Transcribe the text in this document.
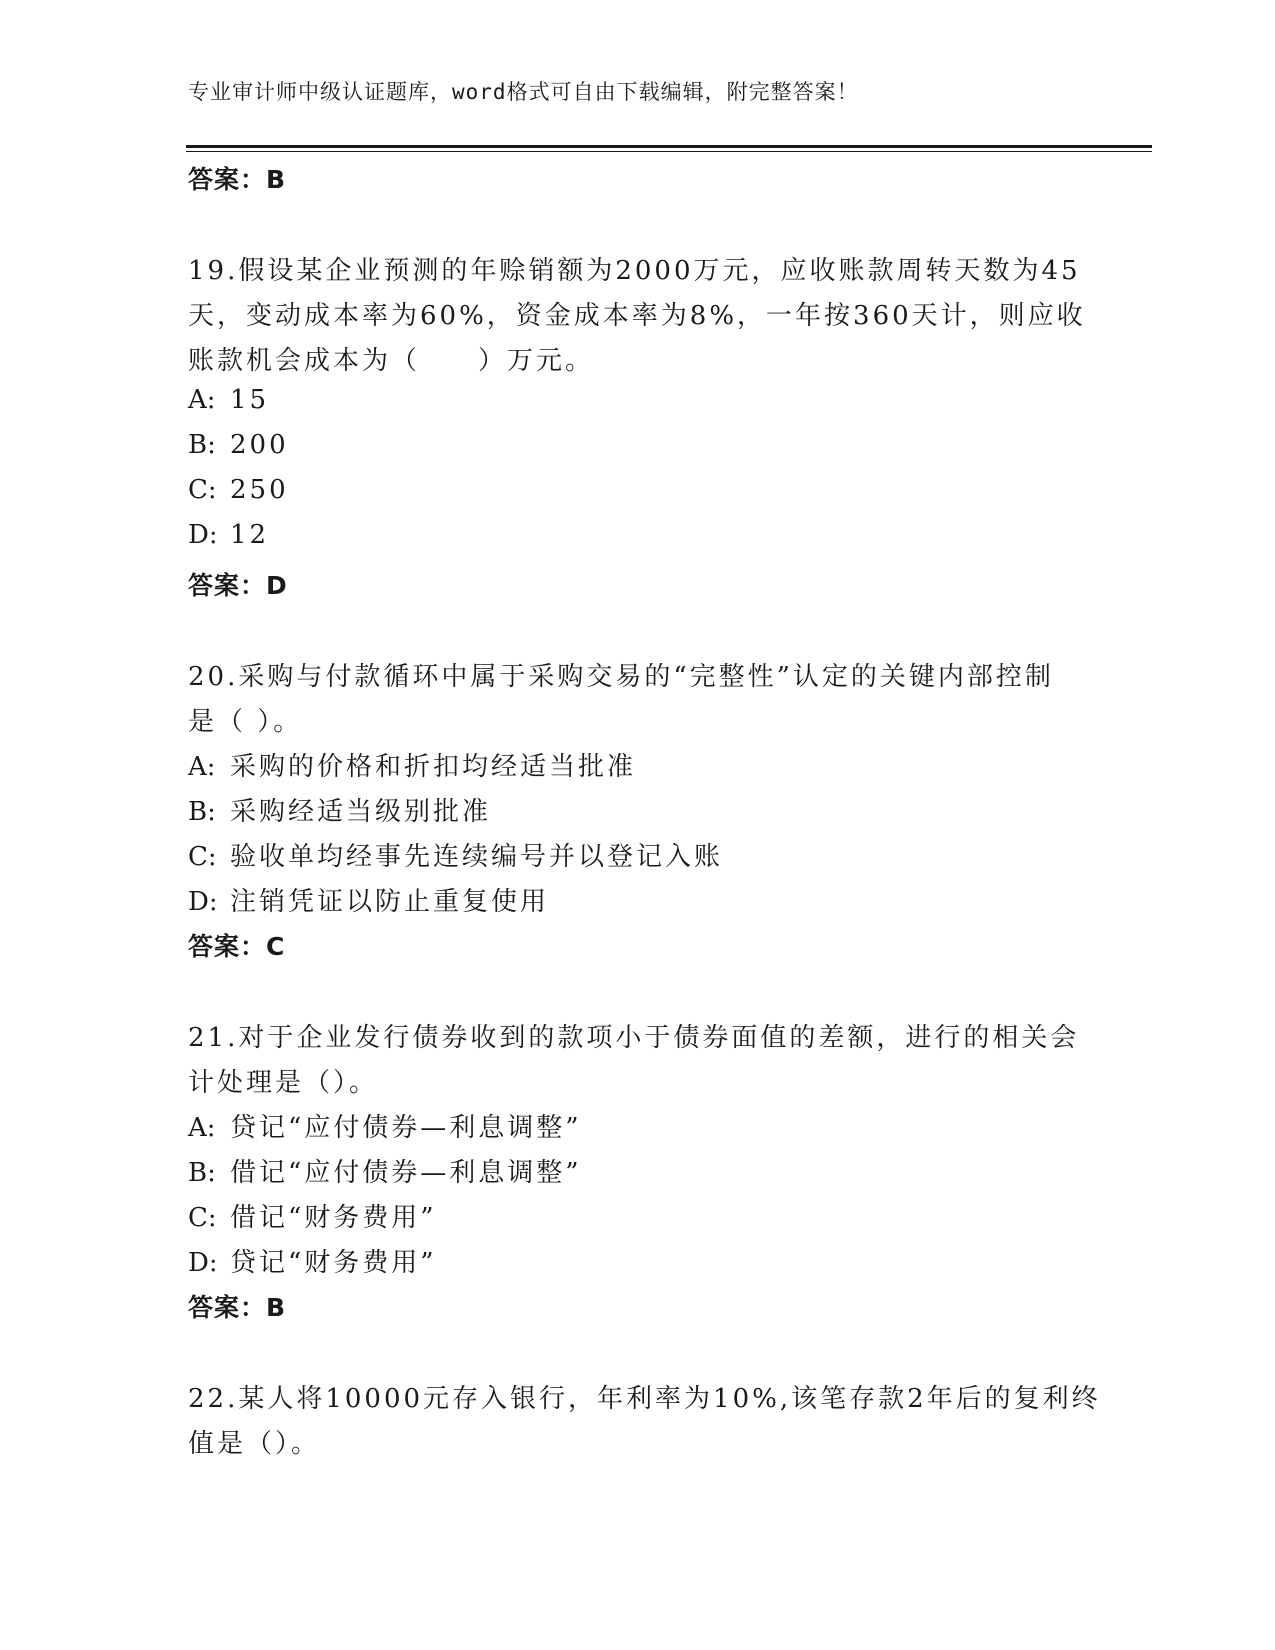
专业审计师中级认证题库，word格式可自由下载编辑，附完整答案！
答案：B
19.假设某企业预测的年赊销额为2000万元，应收账款周转天数为45
天，变动成本率为60%，资金成本率为8%，一年按360天计，则应收
账款机会成本为（　　）万元。
A: 15
B: 200
C: 250
D: 12
答案：D
20.采购与付款循环中属于采购交易的“完整性”认定的关键内部控制
是（ ）。
A: 采购的价格和折扣均经适当批准
B: 采购经适当级别批准
C: 验收单均经事先连续编号并以登记入账
D: 注销凭证以防止重复使用
答案：C
21.对于企业发行债券收到的款项小于债券面值的差额，进行的相关会
计处理是（）。
A: 贷记“应付债券—利息调整”
B: 借记“应付债券—利息调整”
C: 借记“财务费用”
D: 贷记“财务费用”
答案：B
22.某人将10000元存入银行，年利率为10%,该笔存款2年后的复利终
值是（）。
